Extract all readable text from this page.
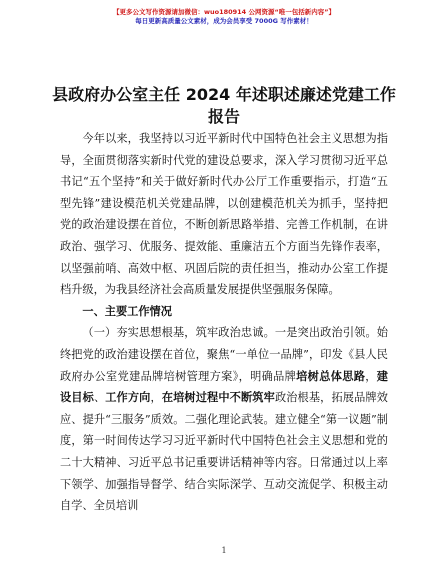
【更多公文写作资源请加微信：wuo180914 公网资源“唯一包括新内容”】
每日更新高质量公文素材，成为会员享受 7000G 写作素材！
县政府办公室主任 2024 年述职述廉述党建工作
报告

今年以来，我坚持以习近平新时代中国特色社会主义思想为指导，全面贯彻落实新时代党的建设总要求，深入学习贯彻习近平总书记“五个坚持”和关于做好新时代办公厅工作重要指示，打造“五型先锋”建设模范机关党建品牌，以创建模范机关为抓手，坚持把党的政治建设摆在首位，不断创新思路举措、完善工作机制，在讲政治、强学习、优服务、提效能、重廉洁五个方面当先锋作表率，以坚强前哨、高效中枢、巩固后院的责任担当，推动办公室工作提档升级，为我县经济社会高质量发展提供坚强服务保障。

一、主要工作情况

（一）夯实思想根基，筑牢政治忠诚。一是突出政治引领。始终把党的政治建设摆在首位，聚焦“一单位一品牌”，印发《县人民政府办公室党建品牌培树管理方案》，明确品牌培树总体思路，建设目标、工作方向，在培树过程中不断筑牢政治根基，拓展品牌效应、提升“三服务”质效。二强化理论武装。建立健全“第一议题”制度，第一时间传达学习习近平新时代中国特色社会主义思想和党的二十大精神、习近平总书记重要讲话精神等内容。日常通过以上率下领学、加强指导督学、结合实际深学、互动交流促学、积极主动自学、全员培训

1
